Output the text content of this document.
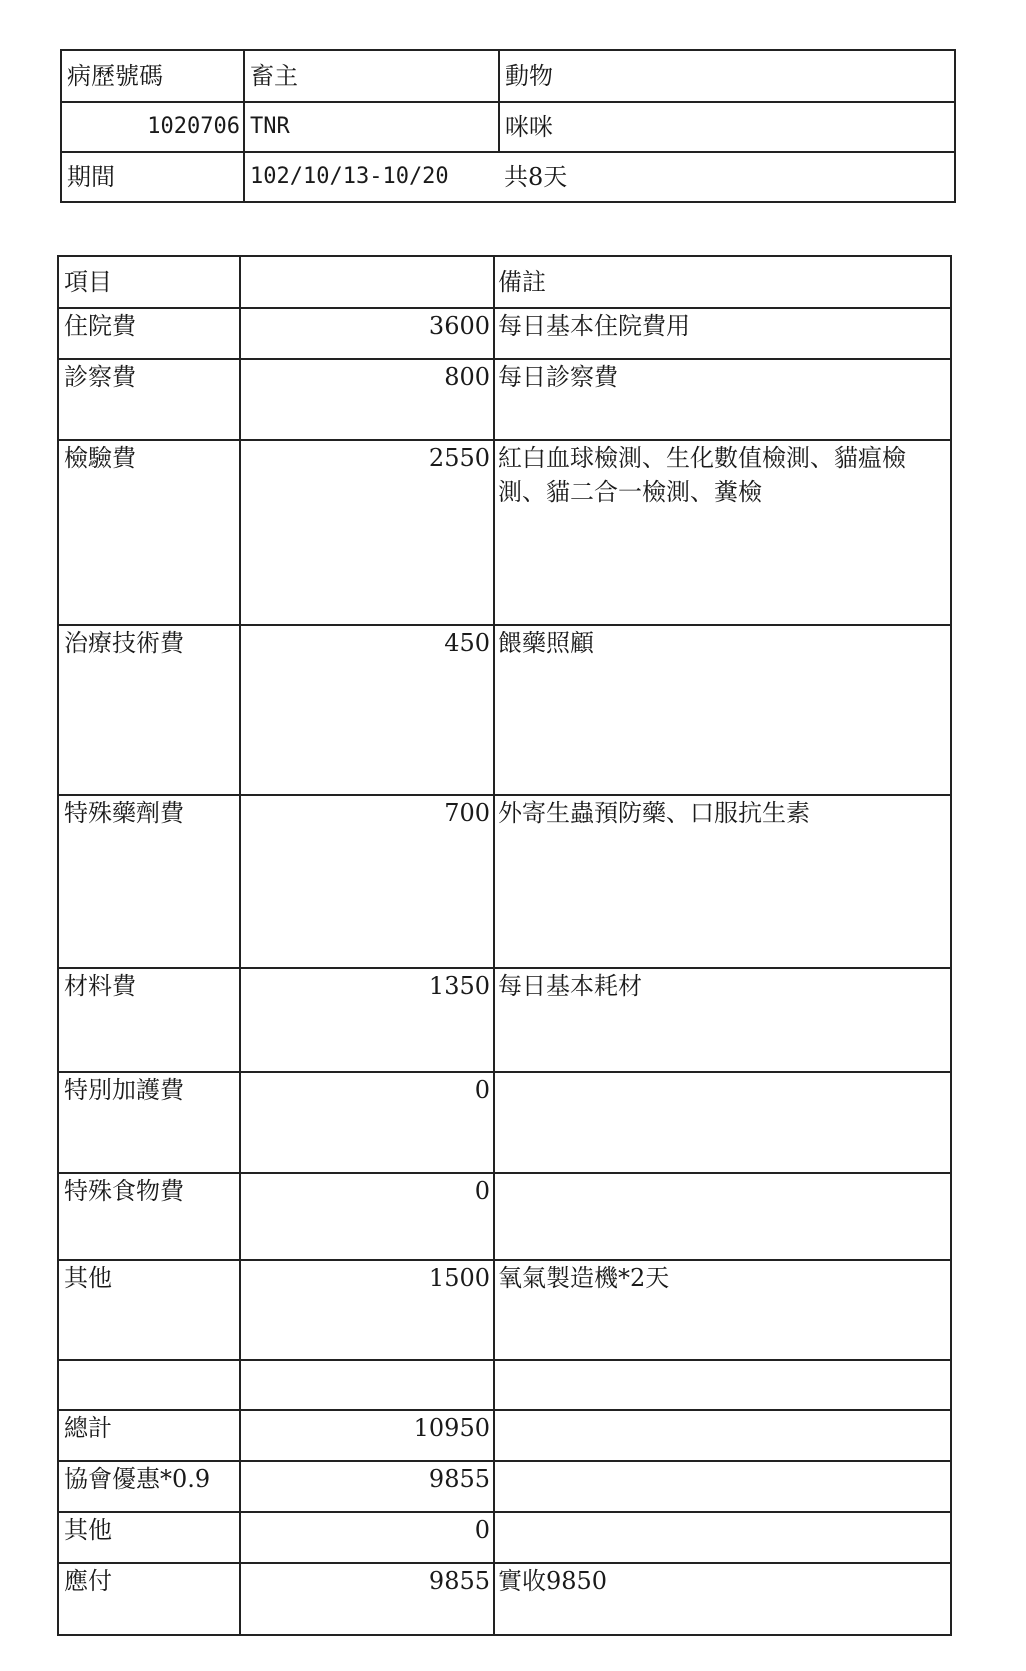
病歷號碼	畜主	動物
1020706	TNR	咪咪
期間	102/10/13-10/20	共8天
項目		備註
住院費	3600	每日基本住院費用
診察費	800	每日診察費
檢驗費	2550	紅白血球檢測、生化數值檢測、貓瘟檢測、貓二合一檢測、糞檢
治療技術費	450	餵藥照顧
特殊藥劑費	700	外寄生蟲預防藥、口服抗生素
材料費	1350	每日基本耗材
特別加護費	0	
特殊食物費	0	
其他	1500	氧氣製造機*2天

總計	10950	
協會優惠*0.9	9855	
其他	0	
應付	9855	實收9850
